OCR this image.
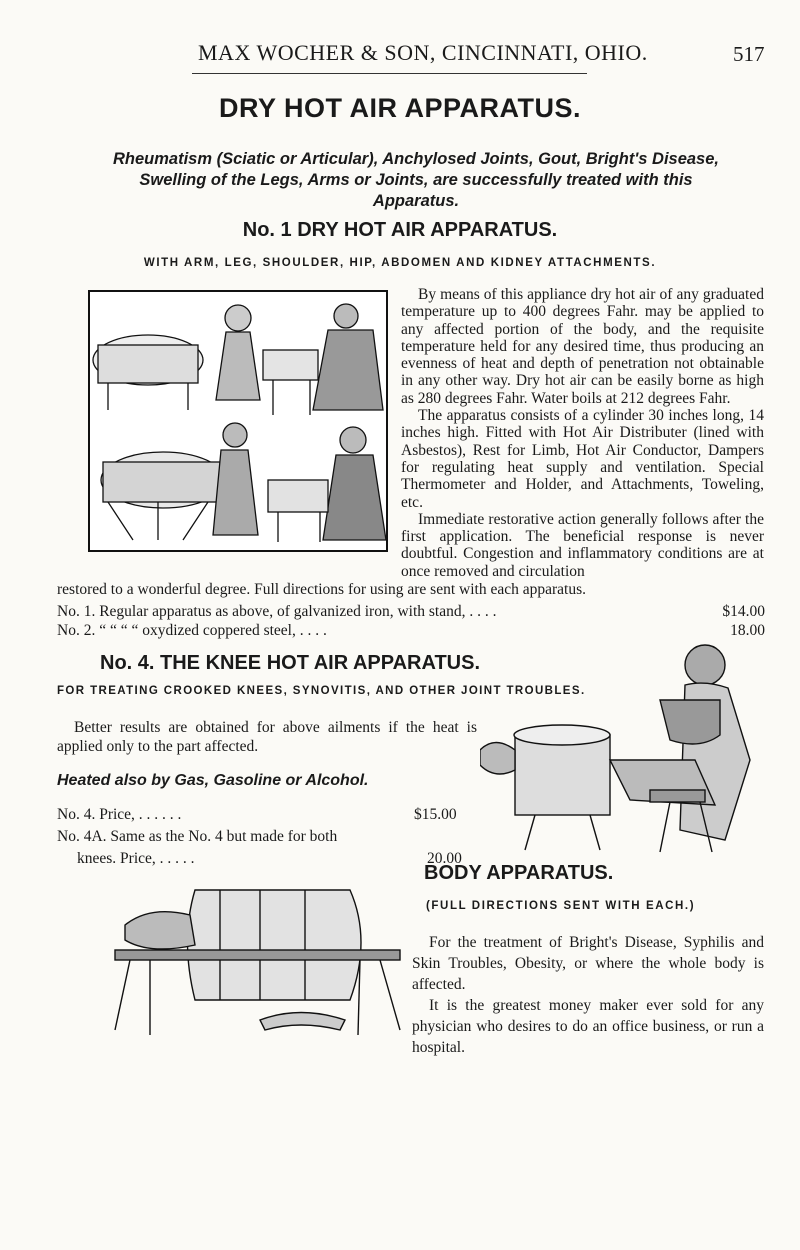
MAX WOCHER & SON, CINCINNATI, OHIO.	517
DRY HOT AIR APPARATUS.
Rheumatism (Sciatic or Articular), Anchylosed Joints, Gout, Bright's Disease, Swelling of the Legs, Arms or Joints, are successfully treated with this Apparatus.
No. 1 DRY HOT AIR APPARATUS.
WITH ARM, LEG, SHOULDER, HIP, ABDOMEN AND KIDNEY ATTACHMENTS.

By means of this appliance dry hot air of any graduated temperature up to 400 degrees Fahr. may be applied to any affected portion of the body, and the requisite temperature held for any desired time, thus producing an evenness of heat and depth of penetration not obtainable in any other way. Dry hot air can be easily borne as high as 280 degrees Fahr. Water boils at 212 degrees Fahr.

The apparatus consists of a cylinder 30 inches long, 14 inches high. Fitted with Hot Air Distributer (lined with Asbestos), Rest for Limb, Hot Air Conductor, Dampers for regulating heat supply and ventilation. Special Thermometer and Holder, and Attachments, Toweling, etc.

Immediate restorative action generally follows after the first application. The beneficial response is never doubtful. Congestion and inflammatory conditions are at once removed and circulation

restored to a wonderful degree. Full directions for using are sent with each apparatus.
No. 1. Regular apparatus as above, of galvanized iron, with stand, . . . .	$14.00
No. 2. “ “ “ “ oxydized coppered steel, . . . .	18.00
No. 4. THE KNEE HOT AIR APPARATUS.
FOR TREATING CROOKED KNEES, SYNOVITIS, AND OTHER JOINT TROUBLES.
Better results are obtained for above ailments if the heat is applied only to the part affected.
Heated also by Gas, Gasoline or Alcohol.
No. 4. Price, . . . . . .	$15.00
No. 4A. Same as the No. 4 but made for both
knees. Price, . . . . .	20.00
BODY APPARATUS.
(FULL DIRECTIONS SENT WITH EACH.)

For the treatment of Bright's Disease, Syphilis and Skin Troubles, Obesity, or where the whole body is affected.

It is the greatest money maker ever sold for any physician who desires to do an office business, or run a hospital.
